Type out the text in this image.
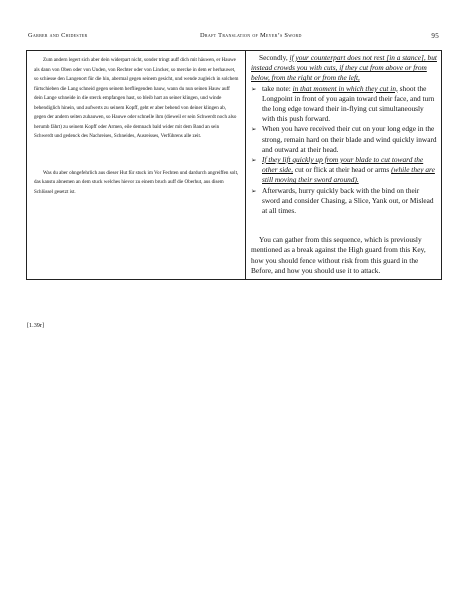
Garber and Chidester	Draft Translation of Meyer’s Sword	95

Zum andern legert sich aber dein widerpart nicht, sonder tringt auff dich mit häuwen, er Hauwe als dann von Oben oder von Unden, von Rechter oder von Lincker, so mercke in dem er herhauwet, so schiesse den Langenort für die hin, abermal gegen seinem gesicht, und wende zugleich in solchem fürtschieben die Lang schneid gegen seinem herfliegenden hauw, wann du nun seinen Hauw auff dein Lange schneide in die sterck empfangen hast, so bleib hart an seiner klingen, und winde behendiglich hinein, und aufwerts zu seinem Kopff, geht er aber behend von deiner klingen ab, gegen der andern seiten zuhauwen, so Hauwe oder schnelle ihm (dieweil er sein Schwerdt noch also herumb fährt) zu seinem Kopff oder Armen, eile demnach bald wider mit dem Band an sein Schwerdt und gedenck des Nachreises, Schneides, Ausreisses, Verführens alle zeit.

Was du aber ohngefehrlich aus dieser Hut für stuck im Vor Fechten und dardurch angreiffen solt, das kanstu abnemen an dem stuck welches hievor zu einem bruch auff die Oberhut, aus disem Schlüssel gesetzt ist.

Secondly, if your counterpart does not rest [in a stance], but instead crowds you with cuts, if they cut from above or from below, from the right or from the left,

➢ take note: in that moment in which they cut in, shoot the Longpoint in front of you again toward their face, and turn the long edge toward their in-flying cut simultaneously with this push forward.
➢ When you have received their cut on your long edge in the strong, remain hard on their blade and wind quickly inward and outward at their head.
➢ If they lift quickly up from your blade to cut toward the other side, cut or flick at their head or arms (while they are still moving their sword around).
➢ Afterwards, hurry quickly back with the bind on their sword and consider Chasing, a Slice, Yank out, or Mislead at all times.

You can gather from this sequence, which is previously mentioned as a break against the High guard from this Key, how you should fence without risk from this guard in the Before, and how you should use it to attack.

[1.39r]
